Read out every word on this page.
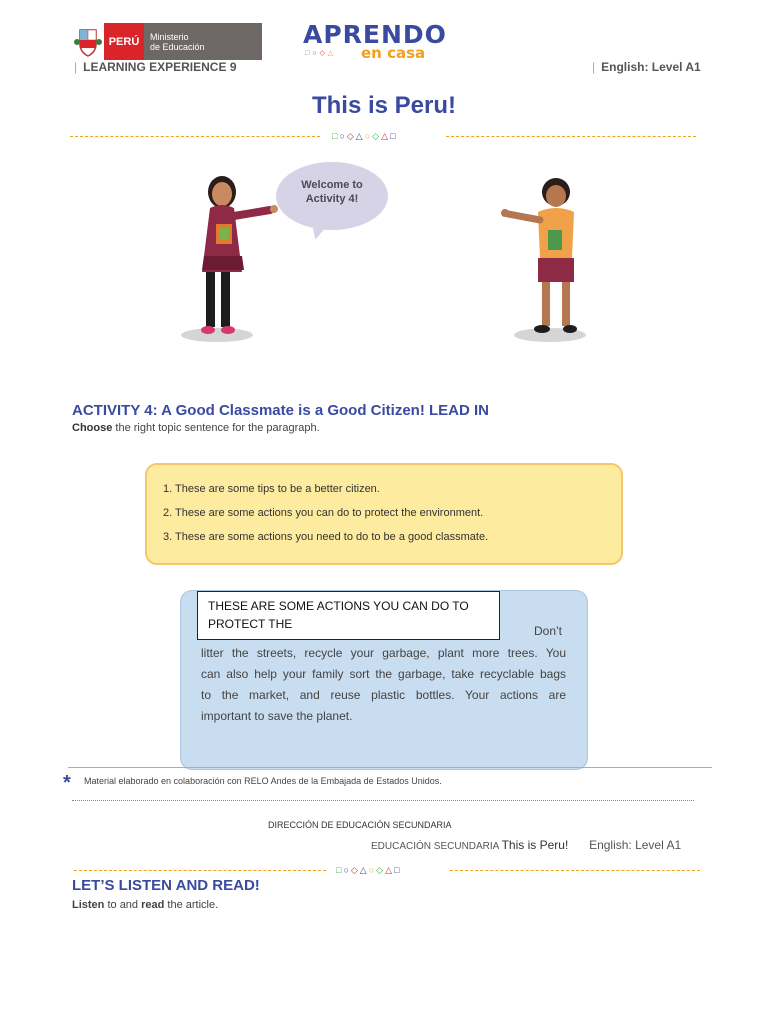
PERÚ	Ministerio
de Educación	APRENDO
□○◇△ en casa
| LEARNING EXPERIENCE 9	| English: Level A1
This is Peru!
□○◇△○◇△□
Welcome to
Activity 4!
ACTIVITY 4: A Good Classmate is a Good Citizen! LEAD IN
Choose the right topic sentence for the paragraph.
1. These are some tips to be a better citizen.
2. These are some actions you can do to protect the environment.
3. These are some actions you need to do to be a good classmate.
THESE ARE SOME ACTIONS YOU CAN DO TO
PROTECT THE	Don’t
litter the streets, recycle your garbage, plant more trees. You
can also help your family sort the garbage, take recyclable bags
to the market, and reuse plastic bottles. Your actions are
important to save the planet.
* Material elaborado en colaboración con RELO Andes de la Embajada de Estados Unidos.
DIRECCIÓN DE EDUCACIÓN SECUNDARIA
EDUCACIÓN SECUNDARIA This is Peru! English: Level A1
□○◇△○◇△□
LET’S LISTEN AND READ!
Listen to and read the article.
